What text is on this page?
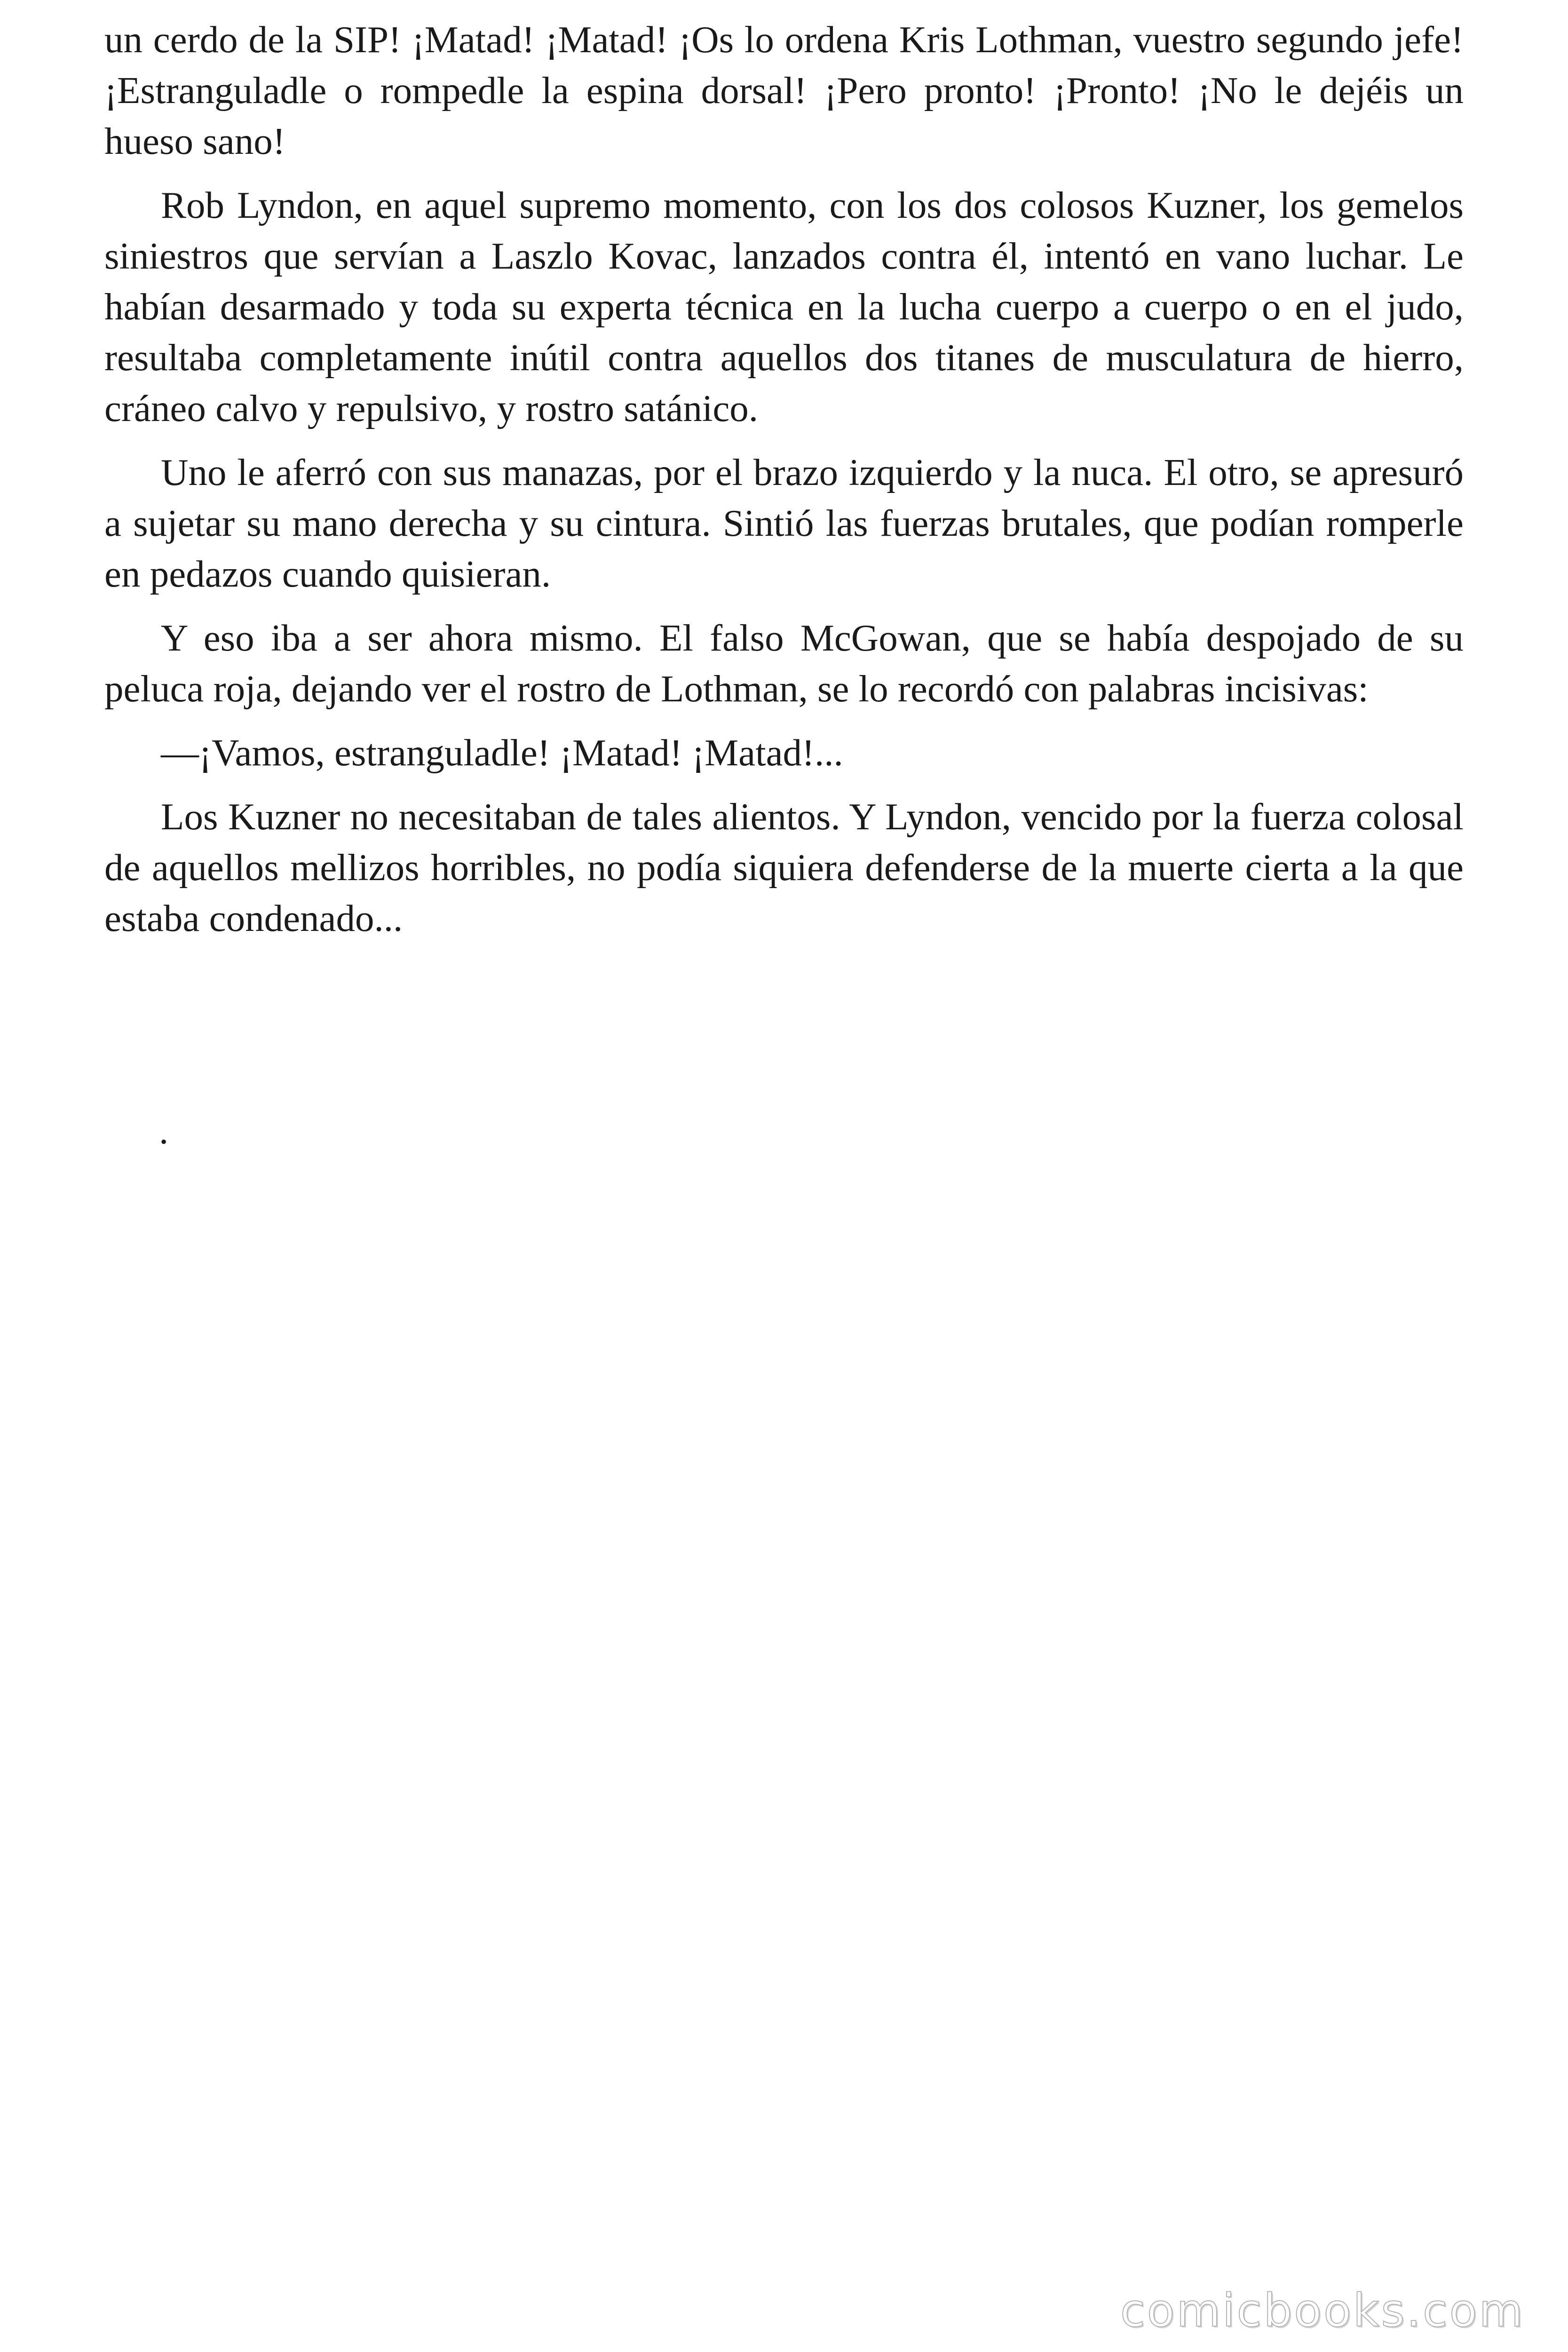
un cerdo de la SIP! ¡Matad! ¡Matad! ¡Os lo ordena Kris Lothman, vuestro segundo jefe! ¡Estranguladle o rompedle la espina dorsal! ¡Pero pronto! ¡Pronto! ¡No le dejéis un hueso sano!

Rob Lyndon, en aquel supremo momento, con los dos colosos Kuzner, los gemelos siniestros que servían a Laszlo Kovac, lanzados contra él, intentó en vano luchar. Le habían desarmado y toda su experta técnica en la lucha cuerpo a cuerpo o en el judo, resultaba completamente inútil contra aquellos dos titanes de musculatura de hierro, cráneo calvo y repulsivo, y rostro satánico.

Uno le aferró con sus manazas, por el brazo izquierdo y la nuca. El otro, se apresuró a sujetar su mano derecha y su cintura. Sintió las fuerzas brutales, que podían romperle en pedazos cuando quisieran.

Y eso iba a ser ahora mismo. El falso McGowan, que se había despojado de su peluca roja, dejando ver el rostro de Lothman, se lo recordó con palabras incisivas:

—¡Vamos, estranguladle! ¡Matad! ¡Matad!...

Los Kuzner no necesitaban de tales alientos. Y Lyndon, vencido por la fuerza colosal de aquellos mellizos horribles, no podía siquiera defenderse de la muerte cierta a la que estaba condenado...

.
comicbooks.com
